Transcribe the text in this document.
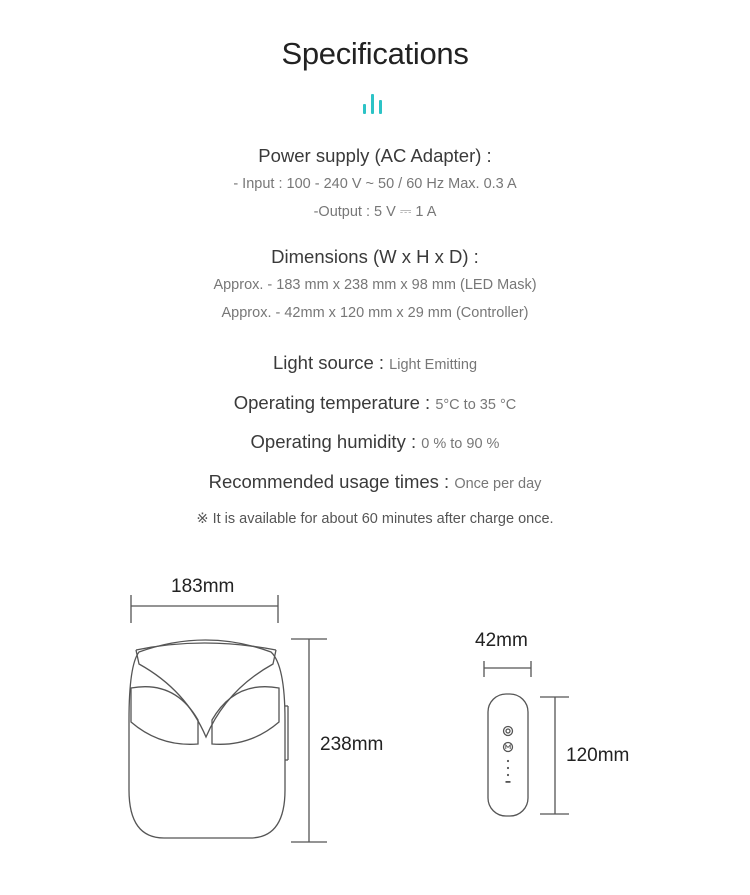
Specifications
Power supply (AC Adapter) :
- Input : 100 - 240 V ~ 50 / 60 Hz Max. 0.3 A
-Output : 5 V ⎓ 1 A
Dimensions (W x H x D) :
Approx. - 183 mm x 238 mm x 98 mm (LED Mask)
Approx. - 42mm x 120 mm x 29 mm (Controller)
Light source : Light Emitting
Operating temperature : 5°C to 35 °C
Operating humidity : 0 % to 90 %
Recommended usage times : Once per day
※ It is available for about 60 minutes after charge once.
183mm
238mm
42mm
120mm
